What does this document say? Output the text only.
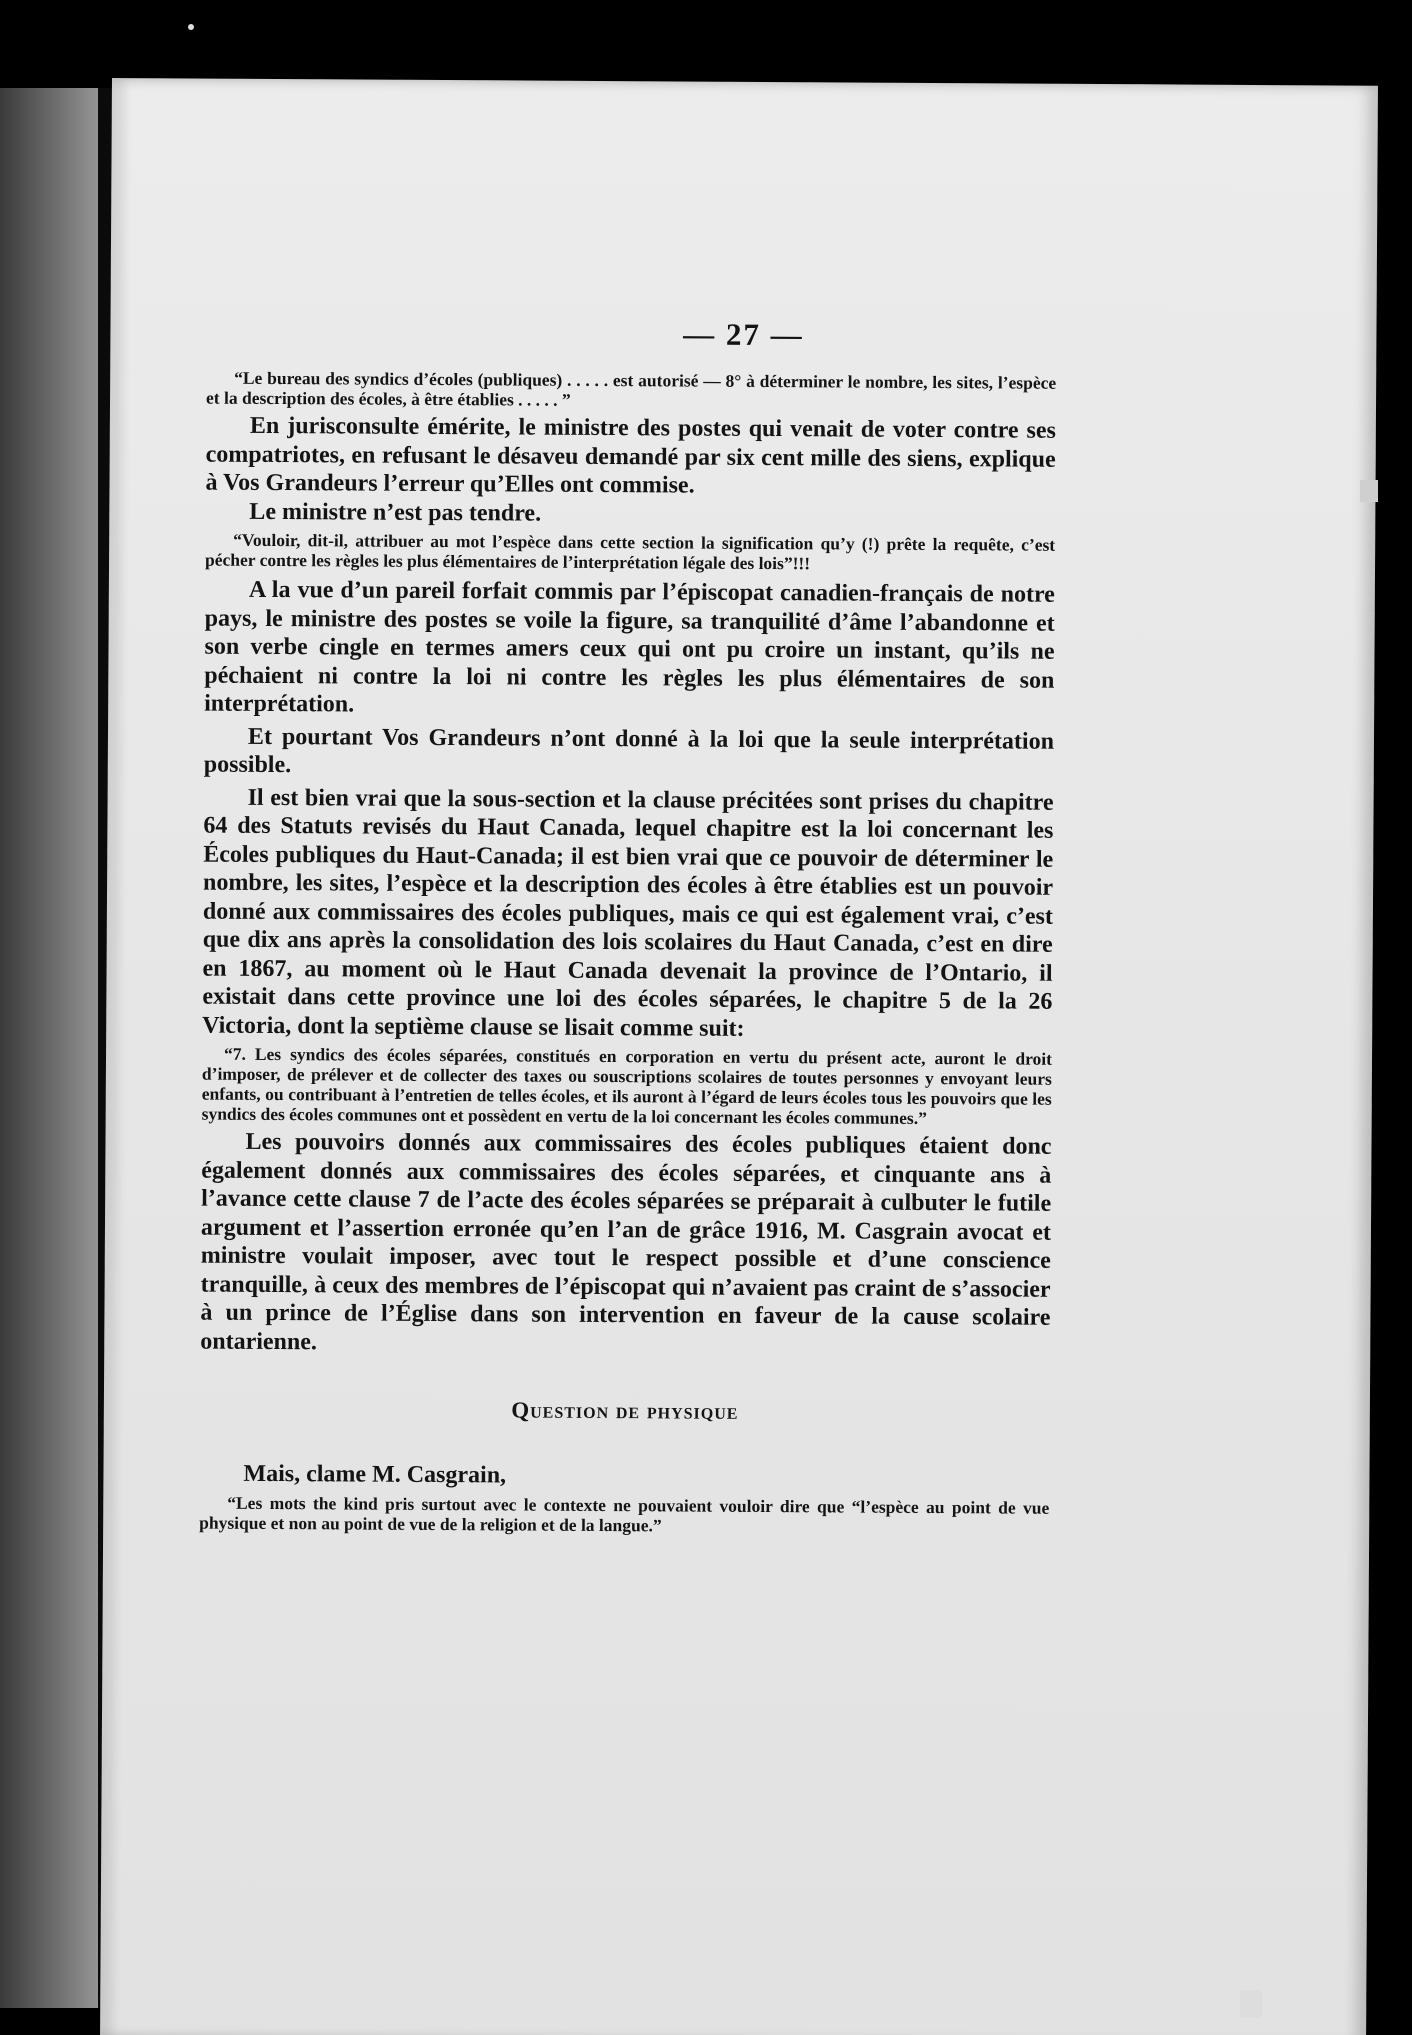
— 27 —

“Le bureau des syndics d’écoles (publiques) . . . . . est autorisé — 8° à déterminer le nombre, les sites, l’espèce et la description des écoles, à être établies . . . . . ”

En jurisconsulte émérite, le ministre des postes qui venait de voter contre ses compatriotes, en refusant le désaveu demandé par six cent mille des siens, explique à Vos Grandeurs l’erreur qu’Elles ont commise.

Le ministre n’est pas tendre.

“Vouloir, dit-il, attribuer au mot l’espèce dans cette section la signification qu’y (!) prête la requête, c’est pécher contre les règles les plus élémentaires de l’interprétation légale des lois”!!!

A la vue d’un pareil forfait commis par l’épiscopat canadien-français de notre pays, le ministre des postes se voile la figure, sa tranquilité d’âme l’abandonne et son verbe cingle en termes amers ceux qui ont pu croire un instant, qu’ils ne péchaient ni contre la loi ni contre les règles les plus élémentaires de son interprétation.

Et pourtant Vos Grandeurs n’ont donné à la loi que la seule interprétation possible.

Il est bien vrai que la sous-section et la clause précitées sont prises du chapitre 64 des Statuts revisés du Haut Canada, lequel chapitre est la loi concernant les Écoles publiques du Haut-Canada; il est bien vrai que ce pouvoir de déterminer le nombre, les sites, l’espèce et la description des écoles à être établies est un pouvoir donné aux commissaires des écoles publiques, mais ce qui est également vrai, c’est que dix ans après la consolidation des lois scolaires du Haut Canada, c’est en dire en 1867, au moment où le Haut Canada devenait la province de l’Ontario, il existait dans cette province une loi des écoles séparées, le chapitre 5 de la 26 Victoria, dont la septième clause se lisait comme suit:

“7. Les syndics des écoles séparées, constitués en corporation en vertu du présent acte, auront le droit d’imposer, de prélever et de collecter des taxes ou souscriptions scolaires de toutes personnes y envoyant leurs enfants, ou contribuant à l’entretien de telles écoles, et ils auront à l’égard de leurs écoles tous les pouvoirs que les syndics des écoles communes ont et possèdent en vertu de la loi concernant les écoles communes.”

Les pouvoirs donnés aux commissaires des écoles publiques étaient donc également donnés aux commissaires des écoles séparées, et cinquante ans à l’avance cette clause 7 de l’acte des écoles séparées se préparait à culbuter le futile argument et l’assertion erronée qu’en l’an de grâce 1916, M. Casgrain avocat et ministre voulait imposer, avec tout le respect possible et d’une conscience tranquille, à ceux des membres de l’épiscopat qui n’avaient pas craint de s’associer à un prince de l’Église dans son intervention en faveur de la cause scolaire ontarienne.

Question de physique

Mais, clame M. Casgrain,

“Les mots the kind pris surtout avec le contexte ne pouvaient vouloir dire que “l’espèce au point de vue physique et non au point de vue de la religion et de la langue.”
